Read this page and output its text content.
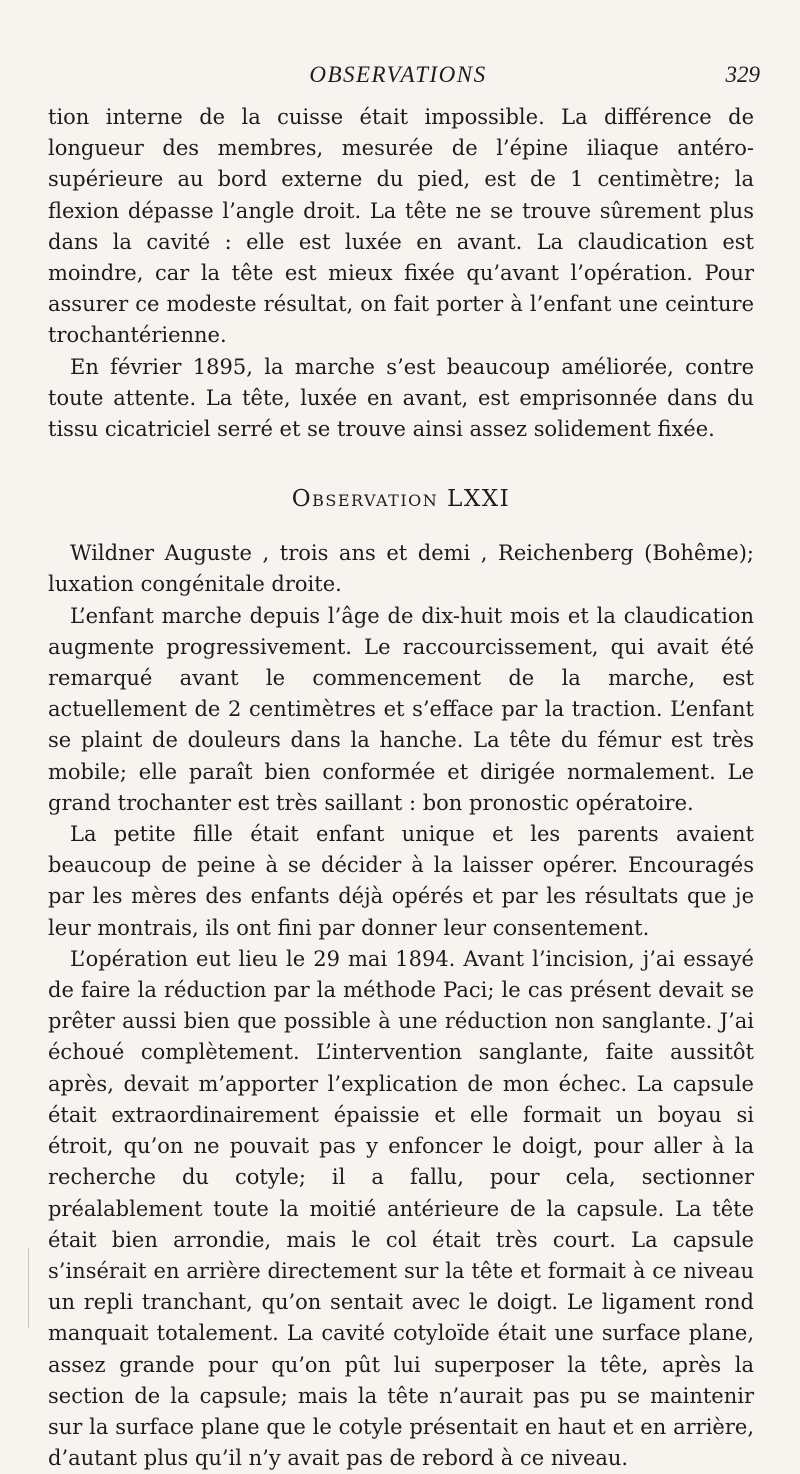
OBSERVATIONS	329

tion interne de la cuisse était impossible. La différence de longueur des membres, mesurée de l’épine iliaque antéro-supérieure au bord externe du pied, est de 1 centimètre; la flexion dépasse l’angle droit. La tête ne se trouve sûrement plus dans la cavité : elle est luxée en avant. La claudication est moindre, car la tête est mieux fixée qu’avant l’opération. Pour assurer ce modeste résultat, on fait porter à l’enfant une ceinture trochantérienne.

En février 1895, la marche s’est beaucoup améliorée, contre toute attente. La tête, luxée en avant, est emprisonnée dans du tissu cicatriciel serré et se trouve ainsi assez solidement fixée.

Observation LXXI

Wildner Auguste , trois ans et demi , Reichenberg (Bohême); luxation congénitale droite.

L’enfant marche depuis l’âge de dix-huit mois et la claudication augmente progressivement. Le raccourcissement, qui avait été remarqué avant le commencement de la marche, est actuellement de 2 centimètres et s’efface par la traction. L’enfant se plaint de douleurs dans la hanche. La tête du fémur est très mobile; elle paraît bien conformée et dirigée normalement. Le grand trochanter est très saillant : bon pronostic opératoire.

La petite fille était enfant unique et les parents avaient beaucoup de peine à se décider à la laisser opérer. Encouragés par les mères des enfants déjà opérés et par les résultats que je leur montrais, ils ont fini par donner leur consentement.

L’opération eut lieu le 29 mai 1894. Avant l’incision, j’ai essayé de faire la réduction par la méthode Paci; le cas présent devait se prêter aussi bien que possible à une réduction non sanglante. J’ai échoué complètement. L’intervention sanglante, faite aussitôt après, devait m’apporter l’explication de mon échec. La capsule était extraordinairement épaissie et elle formait un boyau si étroit, qu’on ne pouvait pas y enfoncer le doigt, pour aller à la recherche du cotyle; il a fallu, pour cela, sectionner préalablement toute la moitié antérieure de la capsule. La tête était bien arrondie, mais le col était très court. La capsule s’insérait en arrière directement sur la tête et formait à ce niveau un repli tranchant, qu’on sentait avec le doigt. Le ligament rond manquait totalement. La cavité cotyloïde était une surface plane, assez grande pour qu’on pût lui superposer la tête, après la section de la capsule; mais la tête n’aurait pas pu se maintenir sur la surface plane que le cotyle présentait en haut et en arrière, d’autant plus qu’il n’y avait pas de rebord à ce niveau.
